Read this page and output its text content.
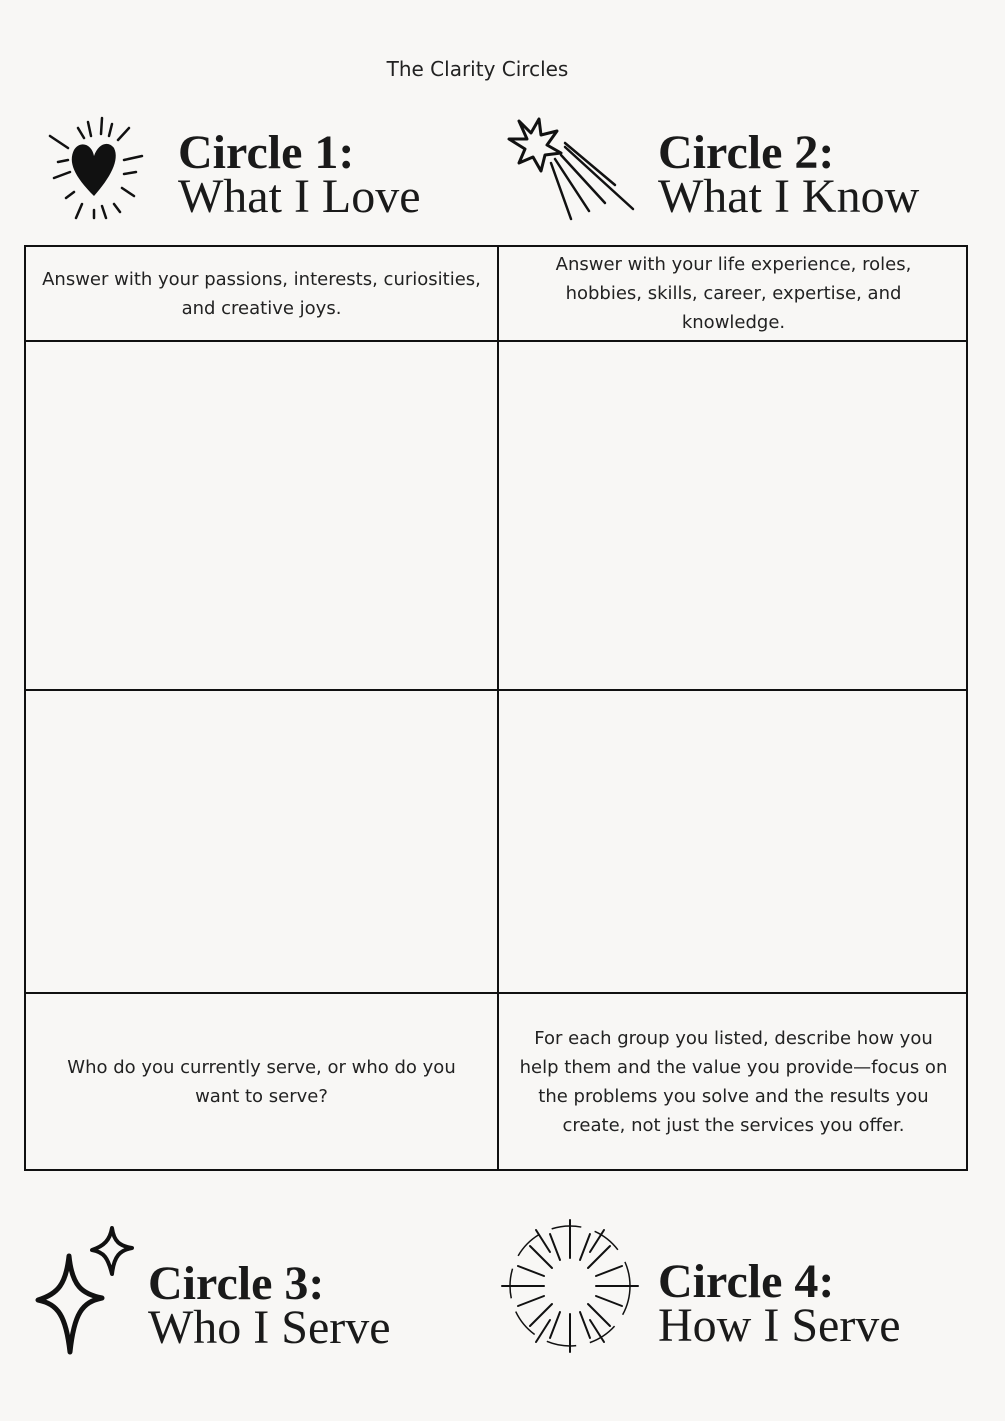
The Clarity Circles
Circle 1:
What I Love
Circle 2:
What I Know
Answer with your passions, interests, curiosities, and creative joys.
Answer with your life experience, roles, hobbies, skills, career, expertise, and knowledge.
Who do you currently serve, or who do you want to serve?
For each group you listed, describe how you help them and the value you provide—focus on the problems you solve and the results you create, not just the services you offer.
Circle 3:
Who I Serve
Circle 4:
How I Serve
